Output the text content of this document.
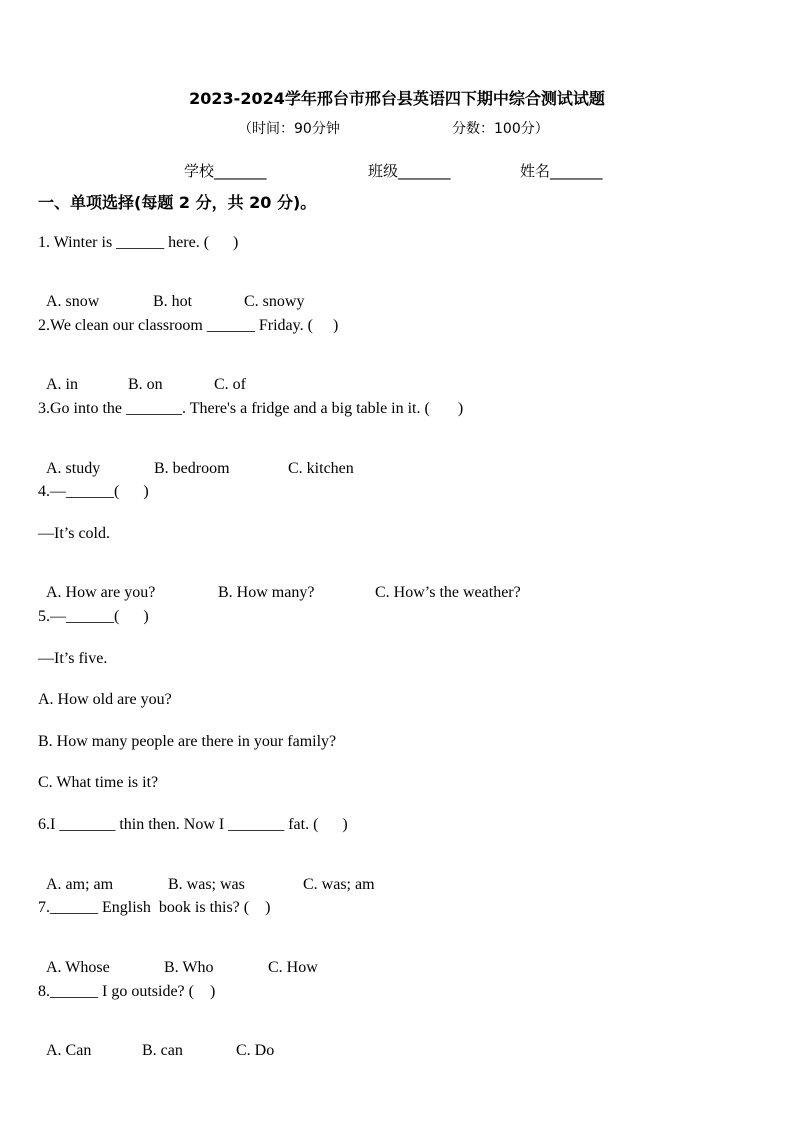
2023-2024学年邢台市邢台县英语四下期中综合测试试题
（时间：90分钟	分数：100分）
学校_______	班级_______	姓名_______
一、单项选择(每题 2 分，共 20 分)。
1. Winter is ______ here. (      )

A. snow	B. hot	C. snowy

2.We clean our classroom ______ Friday. (     )

A. in	B. on	C. of

3.Go into the _______. There's a fridge and a big table in it. (       )

A. study	B. bedroom	C. kitchen

4.—______(      )
—It’s cold.

A. How are you?	B. How many?	C. How’s the weather?

5.—______(      )
—It’s five.
A. How old are you?
B. How many people are there in your family?
C. What time is it?
6.I _______ thin then. Now I _______ fat. (      )

A. am; am	B. was; was	C. was; am

7.______ English  book is this? (    )

A. Whose	B. Who	C. How

8.______ I go outside? (    )

A. Can	B. can	C. Do
